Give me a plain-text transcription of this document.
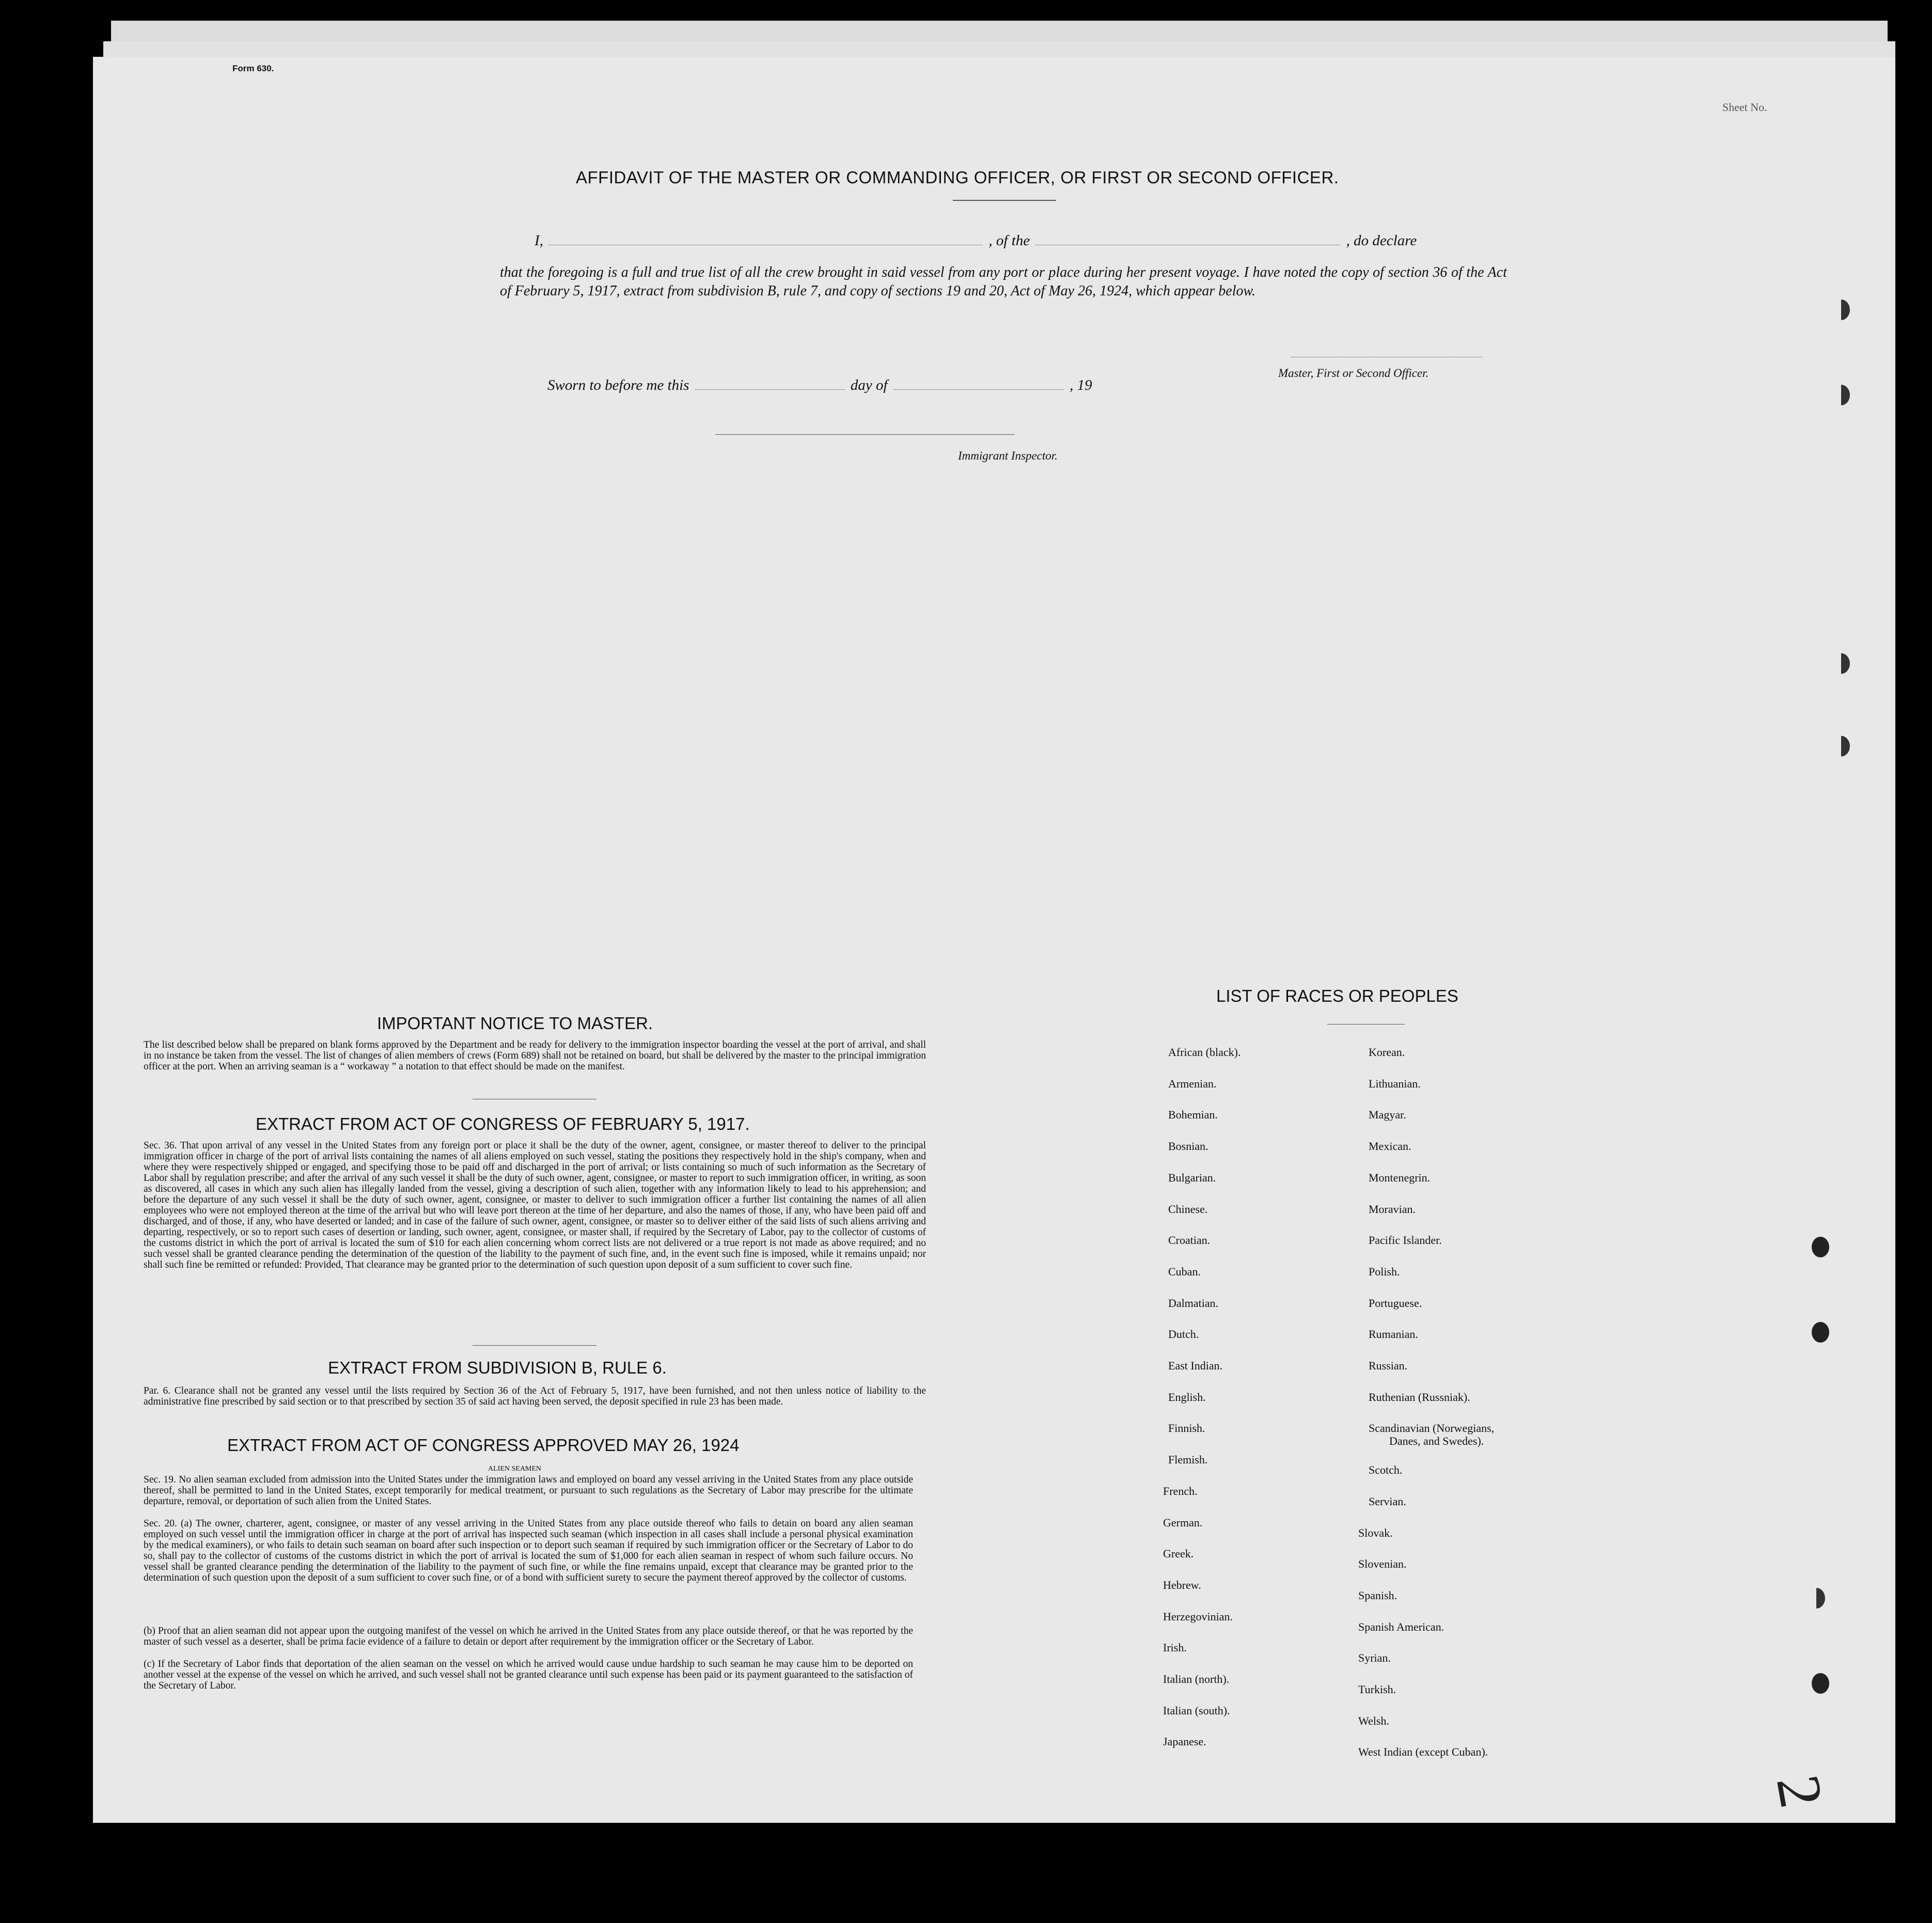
Form 630.
Sheet No.
AFFIDAVIT OF THE MASTER OR COMMANDING OFFICER, OR FIRST OR SECOND OFFICER.
I,	, of the	, do declare
that the foregoing is a full and true list of all the crew brought in said vessel from any port or place during her present voyage. I have noted the copy of section 36 of the Act of February 5, 1917, extract from subdivision B, rule 7, and copy of sections 19 and 20, Act of May 26, 1924, which appear below.
Master, First or Second Officer.
Sworn to before me this	day of	, 19
Immigrant Inspector.
IMPORTANT NOTICE TO MASTER.
The list described below shall be prepared on blank forms approved by the Department and be ready for delivery to the immigration inspector boarding the vessel at the port of arrival, and shall in no instance be taken from the vessel. The list of changes of alien members of crews (Form 689) shall not be retained on board, but shall be delivered by the master to the principal immigration officer at the port. When an arriving seaman is a “ workaway ” a notation to that effect should be made on the manifest.
EXTRACT FROM ACT OF CONGRESS OF FEBRUARY 5, 1917.
Sec. 36. That upon arrival of any vessel in the United States from any foreign port or place it shall be the duty of the owner, agent, consignee, or master thereof to deliver to the principal immigration officer in charge of the port of arrival lists containing the names of all aliens employed on such vessel, stating the positions they respectively hold in the ship's company, when and where they were respectively shipped or engaged, and specifying those to be paid off and discharged in the port of arrival; or lists containing so much of such information as the Secretary of Labor shall by regulation prescribe; and after the arrival of any such vessel it shall be the duty of such owner, agent, consignee, or master to report to such immigration officer, in writing, as soon as discovered, all cases in which any such alien has illegally landed from the vessel, giving a description of such alien, together with any information likely to lead to his apprehension; and before the departure of any such vessel it shall be the duty of such owner, agent, consignee, or master to deliver to such immigration officer a further list containing the names of all alien employees who were not employed thereon at the time of the arrival but who will leave port thereon at the time of her departure, and also the names of those, if any, who have been paid off and discharged, and of those, if any, who have deserted or landed; and in case of the failure of such owner, agent, consignee, or master so to deliver either of the said lists of such aliens arriving and departing, respectively, or so to report such cases of desertion or landing, such owner, agent, consignee, or master shall, if required by the Secretary of Labor, pay to the collector of customs of the customs district in which the port of arrival is located the sum of $10 for each alien concerning whom correct lists are not delivered or a true report is not made as above required; and no such vessel shall be granted clearance pending the determination of the question of the liability to the payment of such fine, and, in the event such fine is imposed, while it remains unpaid; nor shall such fine be remitted or refunded: Provided, That clearance may be granted prior to the determination of such question upon deposit of a sum sufficient to cover such fine.
EXTRACT FROM SUBDIVISION B, RULE 6.
Par. 6. Clearance shall not be granted any vessel until the lists required by Section 36 of the Act of February 5, 1917, have been furnished, and not then unless notice of liability to the administrative fine prescribed by said section or to that prescribed by section 35 of said act having been served, the deposit specified in rule 23 has been made.
EXTRACT FROM ACT OF CONGRESS APPROVED MAY 26, 1924
ALIEN SEAMEN
Sec. 19. No alien seaman excluded from admission into the United States under the immigration laws and employed on board any vessel arriving in the United States from any place outside thereof, shall be permitted to land in the United States, except temporarily for medical treatment, or pursuant to such regulations as the Secretary of Labor may prescribe for the ultimate departure, removal, or deportation of such alien from the United States.
Sec. 20. (a) The owner, charterer, agent, consignee, or master of any vessel arriving in the United States from any place outside thereof who fails to detain on board any alien seaman employed on such vessel until the immigration officer in charge at the port of arrival has inspected such seaman (which inspection in all cases shall include a personal physical examination by the medical examiners), or who fails to detain such seaman on board after such inspection or to deport such seaman if required by such immigration officer or the Secretary of Labor to do so, shall pay to the collector of customs of the customs district in which the port of arrival is located the sum of $1,000 for each alien seaman in respect of whom such failure occurs. No vessel shall be granted clearance pending the determination of the liability to the payment of such fine, or while the fine remains unpaid, except that clearance may be granted prior to the determination of such question upon the deposit of a sum sufficient to cover such fine, or of a bond with sufficient surety to secure the payment thereof approved by the collector of customs.
(b) Proof that an alien seaman did not appear upon the outgoing manifest of the vessel on which he arrived in the United States from any place outside thereof, or that he was reported by the master of such vessel as a deserter, shall be prima facie evidence of a failure to detain or deport after requirement by the immigration officer or the Secretary of Labor.
(c) If the Secretary of Labor finds that deportation of the alien seaman on the vessel on which he arrived would cause undue hardship to such seaman he may cause him to be deported on another vessel at the expense of the vessel on which he arrived, and such vessel shall not be granted clearance until such expense has been paid or its payment guaranteed to the satisfaction of the Secretary of Labor.
LIST OF RACES OR PEOPLES
African (black).
Armenian.
Bohemian.
Bosnian.
Bulgarian.
Chinese.
Croatian.
Cuban.
Dalmatian.
Dutch.
East Indian.
English.
Finnish.
Flemish.
French.
German.
Greek.
Hebrew.
Herzegovinian.
Irish.
Italian (north).
Italian (south).
Japanese.
Korean.
Lithuanian.
Magyar.
Mexican.
Montenegrin.
Moravian.
Pacific Islander.
Polish.
Portuguese.
Rumanian.
Russian.
Ruthenian (Russniak).
Scandinavian (Norwegians,
Scotch.
Servian.
Slovak.
Slovenian.
Spanish.
Spanish American.
Syrian.
Turkish.
Welsh.
West Indian (except Cuban).
Danes, and Swedes).
2
